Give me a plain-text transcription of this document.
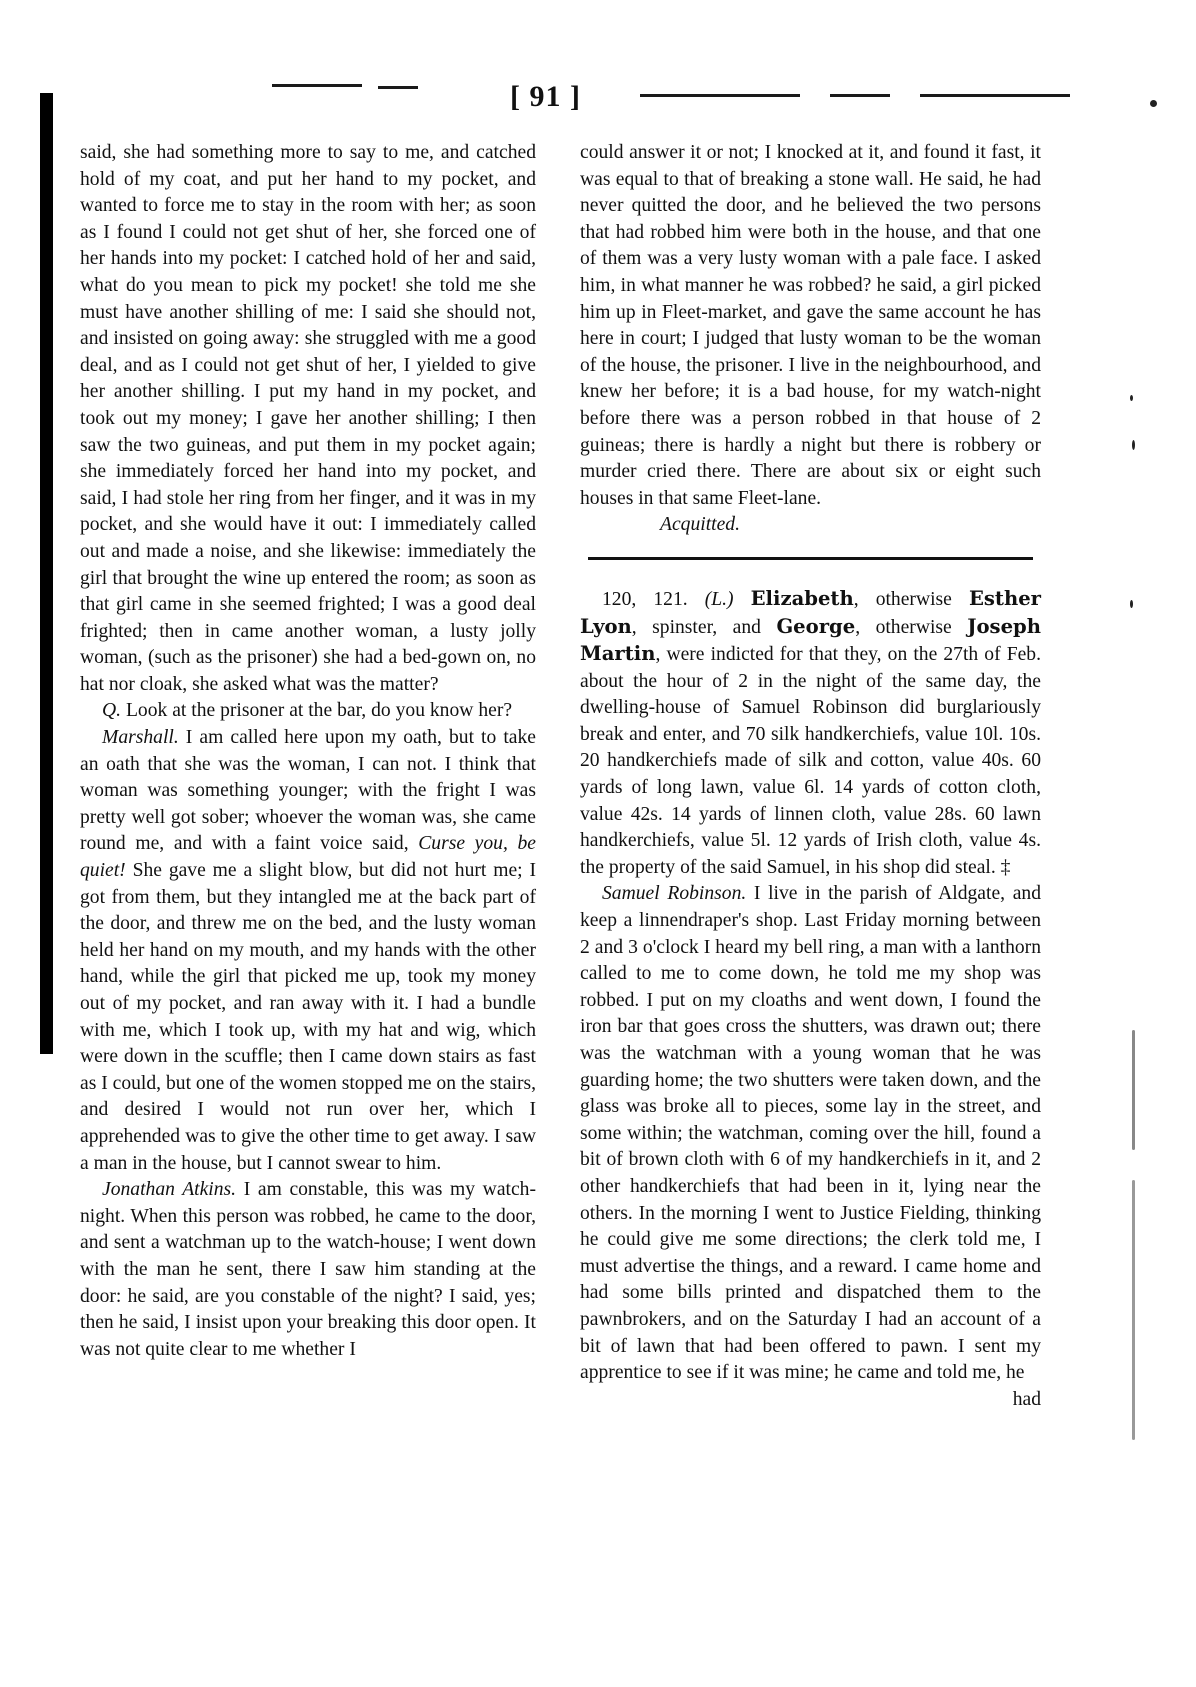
[ 91 ]

said, she had something more to say to me, and catched hold of my coat, and put her hand to my pocket, and wanted to force me to stay in the room with her; as soon as I found I could not get shut of her, she forced one of her hands into my pocket: I catched hold of her and said, what do you mean to pick my pocket! she told me she must have another shilling of me: I said she should not, and insisted on going away: she struggled with me a good deal, and as I could not get shut of her, I yielded to give her another shilling. I put my hand in my pocket, and took out my money; I gave her another shilling; I then saw the two guineas, and put them in my pocket again; she immediately forced her hand into my pocket, and said, I had stole her ring from her finger, and it was in my pocket, and she would have it out: I immediately called out and made a noise, and she likewise: immediately the girl that brought the wine up entered the room; as soon as that girl came in she seemed frighted; I was a good deal frighted; then in came another woman, a lusty jolly woman, (such as the prisoner) she had a bed-gown on, no hat nor cloak, she asked what was the matter?

Q. Look at the prisoner at the bar, do you know her?

Marshall. I am called here upon my oath, but to take an oath that she was the woman, I can not. I think that woman was something younger; with the fright I was pretty well got sober; whoever the woman was, she came round me, and with a faint voice said, Curse you, be quiet! She gave me a slight blow, but did not hurt me; I got from them, but they intangled me at the back part of the door, and threw me on the bed, and the lusty woman held her hand on my mouth, and my hands with the other hand, while the girl that picked me up, took my money out of my pocket, and ran away with it. I had a bundle with me, which I took up, with my hat and wig, which were down in the scuffle; then I came down stairs as fast as I could, but one of the women stopped me on the stairs, and desired I would not run over her, which I apprehended was to give the other time to get away. I saw a man in the house, but I cannot swear to him.

Jonathan Atkins. I am constable, this was my watch-night. When this person was robbed, he came to the door, and sent a watchman up to the watch-house; I went down with the man he sent, there I saw him standing at the door: he said, are you constable of the night? I said, yes; then he said, I insist upon your breaking this door open. It was not quite clear to me whether I

could answer it or not; I knocked at it, and found it fast, it was equal to that of breaking a stone wall. He said, he had never quitted the door, and he believed the two persons that had robbed him were both in the house, and that one of them was a very lusty woman with a pale face. I asked him, in what manner he was robbed? he said, a girl picked him up in Fleet-market, and gave the same account he has here in court; I judged that lusty woman to be the woman of the house, the prisoner. I live in the neighbourhood, and knew her before; it is a bad house, for my watch-night before there was a person robbed in that house of 2 guineas; there is hardly a night but there is robbery or murder cried there. There are about six or eight such houses in that same Fleet-lane.

Acquitted.

120, 121. (L.) Elizabeth, otherwise Esther Lyon, spinster, and George, otherwise Joseph Martin, were indicted for that they, on the 27th of Feb. about the hour of 2 in the night of the same day, the dwelling-house of Samuel Robinson did burglariously break and enter, and 70 silk handkerchiefs, value 10l. 10s. 20 handkerchiefs made of silk and cotton, value 40s. 60 yards of long lawn, value 6l. 14 yards of cotton cloth, value 42s. 14 yards of linnen cloth, value 28s. 60 lawn handkerchiefs, value 5l. 12 yards of Irish cloth, value 4s. the property of the said Samuel, in his shop did steal. ‡

Samuel Robinson. I live in the parish of Aldgate, and keep a linnendraper's shop. Last Friday morning between 2 and 3 o'clock I heard my bell ring, a man with a lanthorn called to me to come down, he told me my shop was robbed. I put on my cloaths and went down, I found the iron bar that goes cross the shutters, was drawn out; there was the watchman with a young woman that he was guarding home; the two shutters were taken down, and the glass was broke all to pieces, some lay in the street, and some within; the watchman, coming over the hill, found a bit of brown cloth with 6 of my handkerchiefs in it, and 2 other handkerchiefs that had been in it, lying near the others. In the morning I went to Justice Fielding, thinking he could give me some directions; the clerk told me, I must advertise the things, and a reward. I came home and had some bills printed and dispatched them to the pawnbrokers, and on the Saturday I had an account of a bit of lawn that had been offered to pawn. I sent my apprentice to see if it was mine; he came and told me, he

had
